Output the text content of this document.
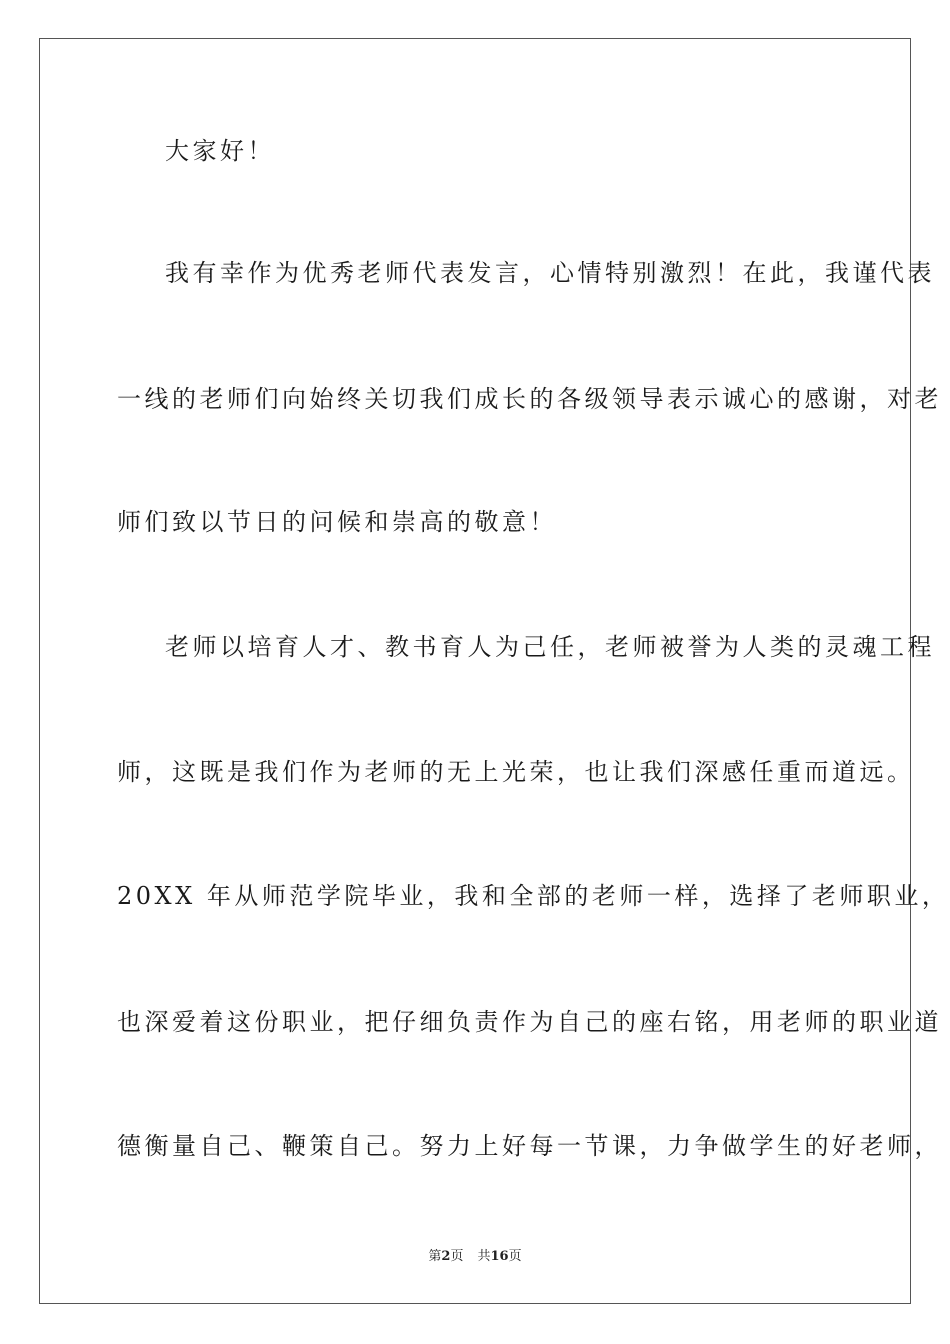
大家好！
我有幸作为优秀老师代表发言，心情特别激烈！在此，我谨代表
一线的老师们向始终关切我们成长的各级领导表示诚心的感谢，对老
师们致以节日的问候和崇高的敬意！
老师以培育人才、教书育人为己任，老师被誉为人类的灵魂工程
师，这既是我们作为老师的无上光荣，也让我们深感任重而道远。
20XX 年从师范学院毕业，我和全部的老师一样，选择了老师职业，
也深爱着这份职业，把仔细负责作为自己的座右铭，用老师的职业道
德衡量自己、鞭策自己。努力上好每一节课，力争做学生的好老师，
第2页 共16页
